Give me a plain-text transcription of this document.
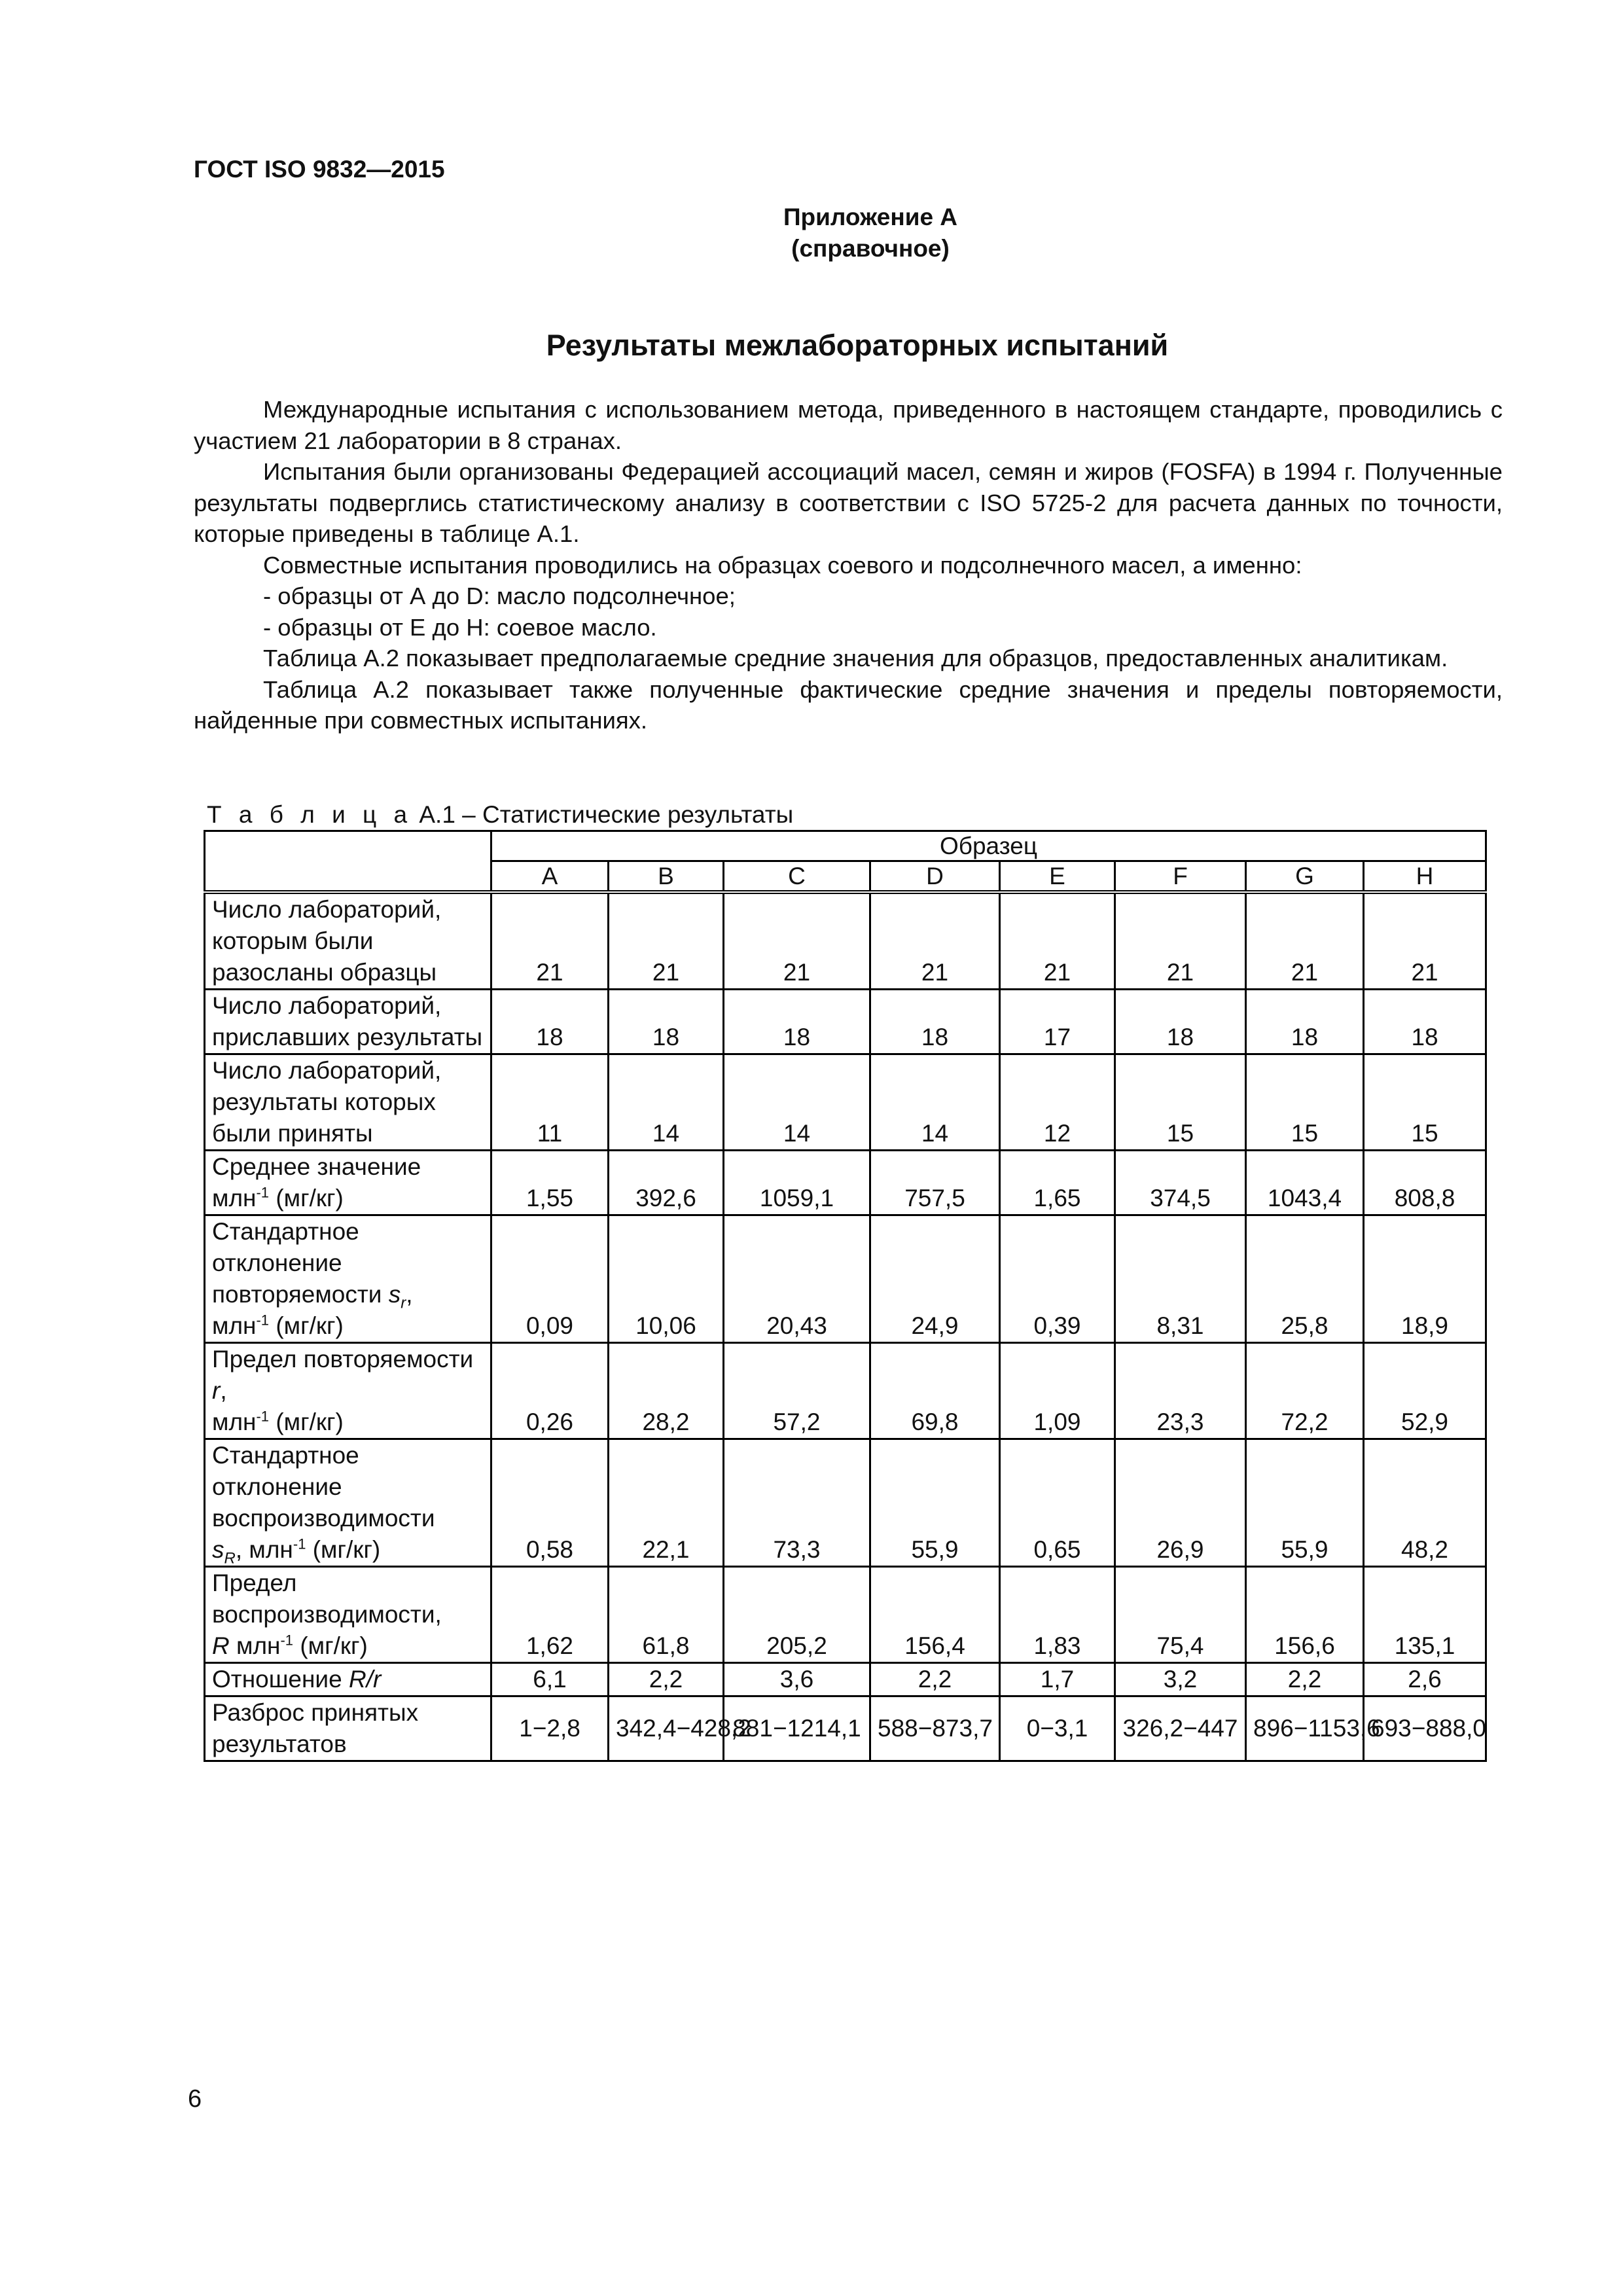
ГОСТ ISO 9832—2015
Приложение А
(справочное)
Результаты межлабораторных испытаний

Международные испытания с использованием метода, приведенного в настоящем стандарте, проводились с участием 21 лаборатории в 8 странах.

Испытания были организованы Федерацией ассоциаций масел, семян и жиров (FOSFA) в 1994 г. Полученные результаты подверглись статистическому анализу в соответствии с ISO 5725-2 для расчета данных по точности, которые приведены в таблице А.1.

Совместные испытания проводились на образцах соевого и подсолнечного масел, а именно:

- образцы от А до D: масло подсолнечное;

- образцы от Е до Н: соевое масло.

Таблица А.2 показывает предполагаемые средние значения для образцов, предоставленных аналитикам.

Таблица А.2 показывает также полученные фактические средние значения и пределы повторяемости, найденные при совместных испытаниях.

Т а б л и ц а А.1 – Статистические результаты
	Образец							
	A	B	C	D	E	F	G	H
Число лабораторий, которым были разосланы образцы	21	21	21	21	21	21	21	21
Число лабораторий, приславших результаты	18	18	18	18	17	18	18	18
Число лабораторий, результаты которых были приняты	11	14	14	14	12	15	15	15
Среднее значение
млн$^{-1}$ (мг/кг)	1,55	392,6	1059,1	757,5	1,65	374,5	1043,4	808,8
Стандартное отклонение повторяемости $s_r$,
млн$^{-1}$ (мг/кг)	0,09	10,06	20,43	24,9	0,39	8,31	25,8	18,9
Предел повторяемости r,
млн$^{-1}$ (мг/кг)	0,26	28,2	57,2	69,8	1,09	23,3	72,2	52,9
Стандартное отклонение воспроизводимости
$s_R$, млн$^{-1}$ (мг/кг)	0,58	22,1	73,3	55,9	0,65	26,9	55,9	48,2
Предел воспроизводимости,
R млн$^{-1}$ (мг/кг)	1,62	61,8	205,2	156,4	1,83	75,4	156,6	135,1
Отношение R/r	6,1	2,2	3,6	2,2	1,7	3,2	2,2	2,6
Разброс принятых результатов	1−2,8	342,4−428,2	881−1214,1	588−873,7	0−3,1	326,2−447	896−1153,6	693−888,0
6
